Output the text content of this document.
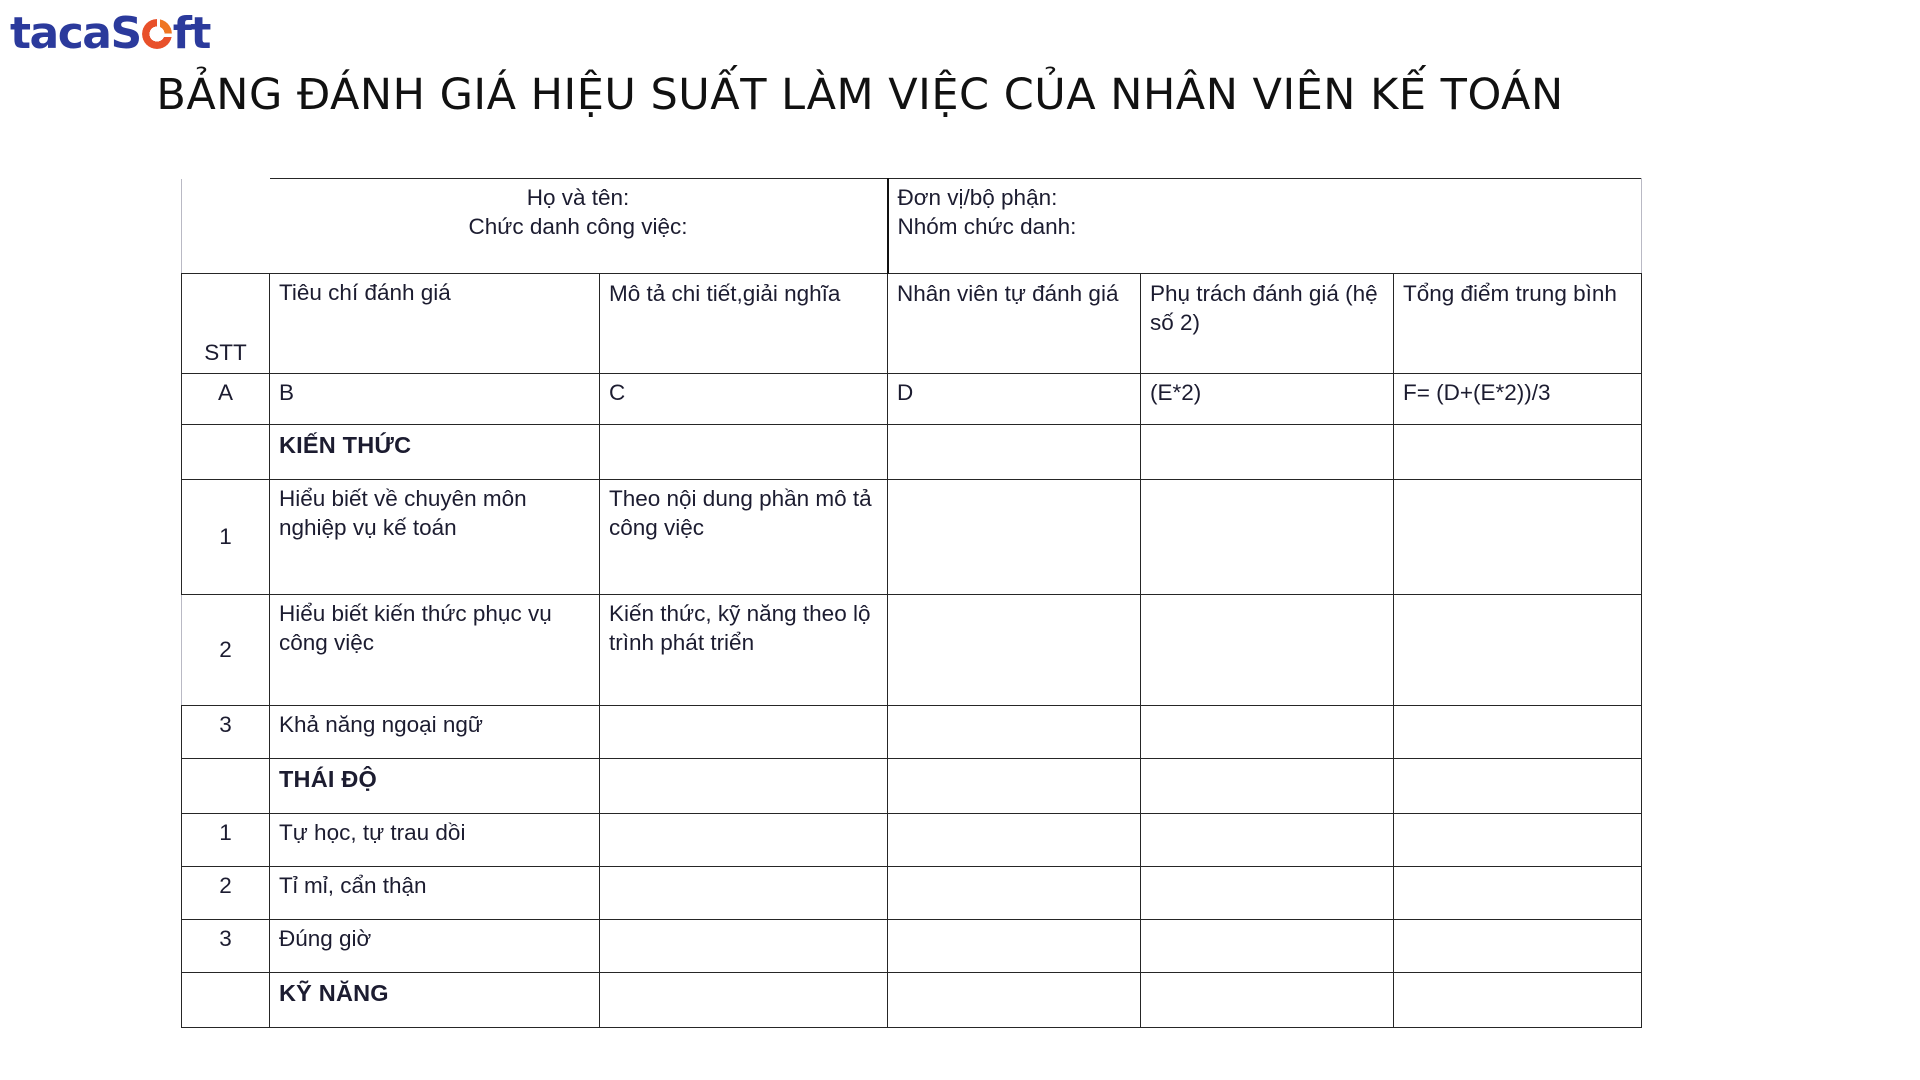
taca S ft
BẢNG ĐÁNH GIÁ HIỆU SUẤT LÀM VIỆC CỦA NHÂN VIÊN KẾ TOÁN

Họ và tên:
Chức danh công việc:

Đơn vị/bộ phận:
Nhóm chức danh:

STT	Tiêu chí đánh giá	Mô tả chi tiết,giải nghĩa	Nhân viên tự đánh giá	Phụ trách đánh giá (hệ số 2)	Tổng điểm trung bình
A	B	C	D	(E*2)	F= (D+(E*2))/3
	KIẾN THỨC				
1	Hiểu biết về chuyên môn nghiệp vụ kế toán	Theo nội dung phần mô tả công việc			
2	Hiểu biết kiến thức phục vụ công việc	Kiến thức, kỹ năng theo lộ trình phát triển			
3	Khả năng ngoại ngữ				
	THÁI ĐỘ				
1	Tự học, tự trau dồi				
2	Tỉ mỉ, cẩn thận				
3	Đúng giờ				
	KỸ NĂNG				
